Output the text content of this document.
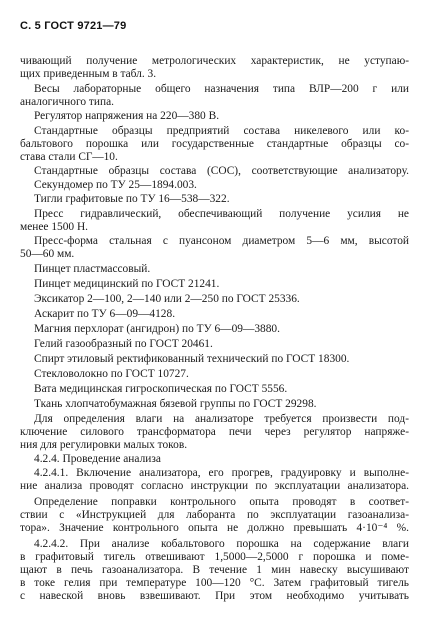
С. 5 ГОСТ 9721—79
чивающий получение метрологических характеристик, не уступаю-
щих приведенным в табл. 3.
Весы лабораторные общего назначения типа ВЛР—200 г или
аналогичного типа.
Регулятор напряжения на 220—380 В.
Стандартные образцы предприятий состава никелевого или ко-
бальтового порошка или государственные стандартные образцы со-
става стали СГ—10.
Стандартные образцы состава (СОС), соответствующие анализатору.
Секундомер по ТУ 25—1894.003.
Тигли графитовые по ТУ 16—538—322.
Пресс гидравлический, обеспечивающий получение усилия не
менее 1500 Н.
Пресс-форма стальная с пуансоном диаметром 5—6 мм, высотой
50—60 мм.
Пинцет пластмассовый.
Пинцет медицинский по ГОСТ 21241.
Эксикатор 2—100, 2—140 или 2—250 по ГОСТ 25336.
Аскарит по ТУ 6—09—4128.
Магния перхлорат (ангидрон) по ТУ 6—09—3880.
Гелий газообразный по ГОСТ 20461.
Спирт этиловый ректификованный технический по ГОСТ 18300.
Стекловолокно по ГОСТ 10727.
Вата медицинская гигроскопическая по ГОСТ 5556.
Ткань хлопчатобумажная бязевой группы по ГОСТ 29298.
Для определения влаги на анализаторе требуется произвести под-
ключение силового трансформатора печи через регулятор напряже-
ния для регулировки малых токов.
4.2.4. Проведение анализа
4.2.4.1. Включение анализатора, его прогрев, градуировку и выполне-
ние анализа проводят согласно инструкции по эксплуатации анализатора.
Определение поправки контрольного опыта проводят в соответ-
ствии с «Инструкцией для лаборанта по эксплуатации газоанализа-
тора». Значение контрольного опыта не должно превышать 4·10⁻⁴ %.
4.2.4.2. При анализе кобальтового порошка на содержание влаги
в графитовый тигель отвешивают 1,5000—2,5000 г порошка и поме-
щают в печь газоанализатора. В течение 1 мин навеску высушивают
в токе гелия при температуре 100—120 °С. Затем графитовый тигель
с навеской вновь взвешивают. При этом необходимо учитывать
